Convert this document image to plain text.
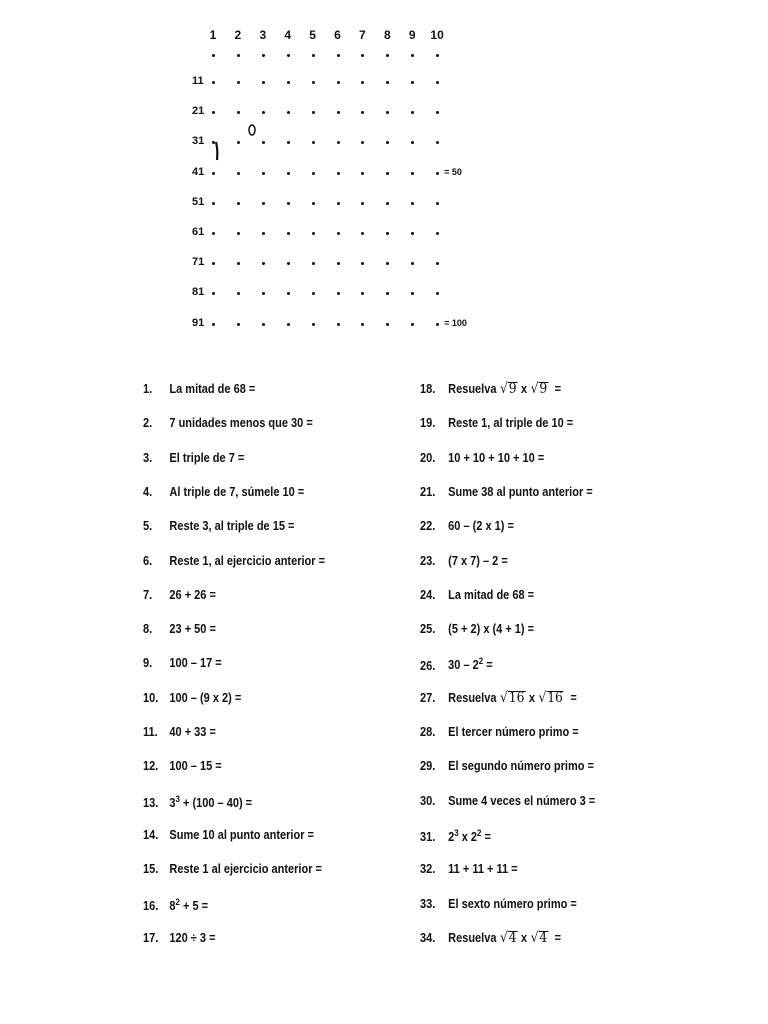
1 2 3 4 5 6 7 8 9 10
11
21
31
41	= 50
51
61
71
81
91	= 100
1. La mitad de 68 =
2. 7 unidades menos que 30 =
3. El triple de 7 =
4. Al triple de 7, súmele 10 =
5. Reste 3, al triple de 15 =
6. Reste 1, al ejercicio anterior =
7. 26 + 26 =
8. 23 + 50 =
9. 100 – 17 =
10. 100 – (9 x 2) =
11. 40 + 33 =
12. 100 – 15 =
13. $3^3 + (100 - 40)$ =
14. Sume 10 al punto anterior =
15. Reste 1 al ejercicio anterior =
16. $8^2 + 5$ =
17. 120 ÷ 3 =
18. Resuelva √ 9 x √ 9 =
19. Reste 1, al triple de 10 =
20. 10 + 10 + 10 + 10 =
21. Sume 38 al punto anterior =
22. 60 – (2 x 1) =
23. (7 x 7) – 2 =
24. La mitad de 68 =
25. (5 + 2) x (4 + 1) =
26. $30 - 2^2$ =
27. Resuelva √ 16 x √ 16 =
28. El tercer número primo =
29. El segundo número primo =
30. Sume 4 veces el número 3 =
31. $2^3$ x $2^2$ =
32. 11 + 11 + 11 =
33. El sexto número primo =
34. Resuelva √ 4 x √ 4 =
